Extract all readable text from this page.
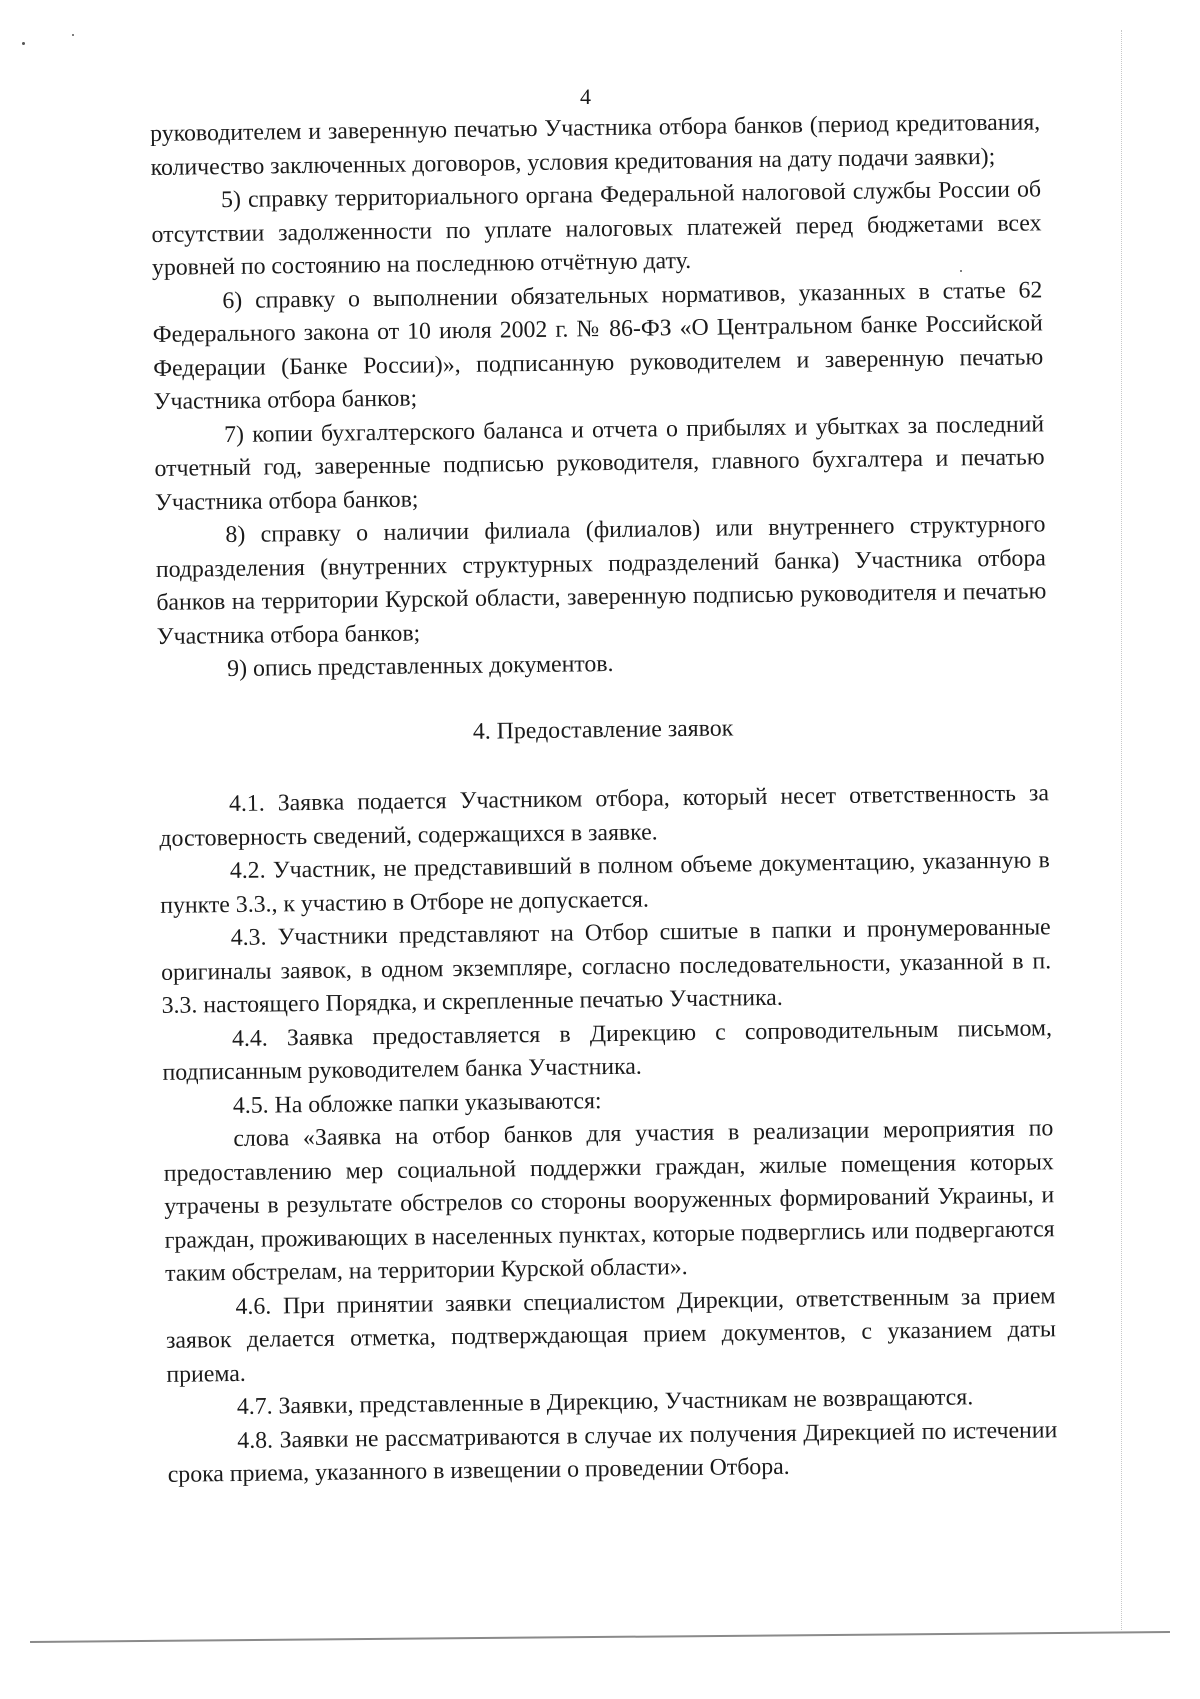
4

руководителем и заверенную печатью Участника отбора банков (период кредитования, количество заключенных договоров, условия кредитования на дату подачи заявки);

5) справку территориального органа Федеральной налоговой службы России об отсутствии задолженности по уплате налоговых платежей перед бюджетами всех уровней по состоянию на последнюю отчётную дату.

6) справку о выполнении обязательных нормативов, указанных в статье 62 Федерального закона от 10 июля 2002 г. № 86-ФЗ «О Центральном банке Российской Федерации (Банке России)», подписанную руководителем и заверенную печатью Участника отбора банков;

7) копии бухгалтерского баланса и отчета о прибылях и убытках за последний отчетный год, заверенные подписью руководителя, главного бухгалтера и печатью Участника отбора банков;

8) справку о наличии филиала (филиалов) или внутреннего структурного подразделения (внутренних структурных подразделений банка) Участника отбора банков на территории Курской области, заверенную подписью руководителя и печатью Участника отбора банков;

9) опись представленных документов.

4. Предоставление заявок

4.1. Заявка подается Участником отбора, который несет ответственность за достоверность сведений, содержащихся в заявке.

4.2. Участник, не представивший в полном объеме документацию, указанную в пункте 3.3., к участию в Отборе не допускается.

4.3. Участники представляют на Отбор сшитые в папки и пронумерованные оригиналы заявок, в одном экземпляре, согласно последовательности, указанной в п. 3.3. настоящего Порядка, и скрепленные печатью Участника.

4.4. Заявка предоставляется в Дирекцию с сопроводительным письмом, подписанным руководителем банка Участника.

4.5. На обложке папки указываются:

слова «Заявка на отбор банков для участия в реализации мероприятия по предоставлению мер социальной поддержки граждан, жилые помещения которых утрачены в результате обстрелов со стороны вооруженных формирований Украины, и граждан, проживающих в населенных пунктах, которые подверглись или подвергаются таким обстрелам, на территории Курской области».

4.6. При принятии заявки специалистом Дирекции, ответственным за прием заявок делается отметка, подтверждающая прием документов, с указанием даты приема.

4.7. Заявки, представленные в Дирекцию, Участникам не возвращаются.

4.8. Заявки не рассматриваются в случае их получения Дирекцией по истечении срока приема, указанного в извещении о проведении Отбора.
